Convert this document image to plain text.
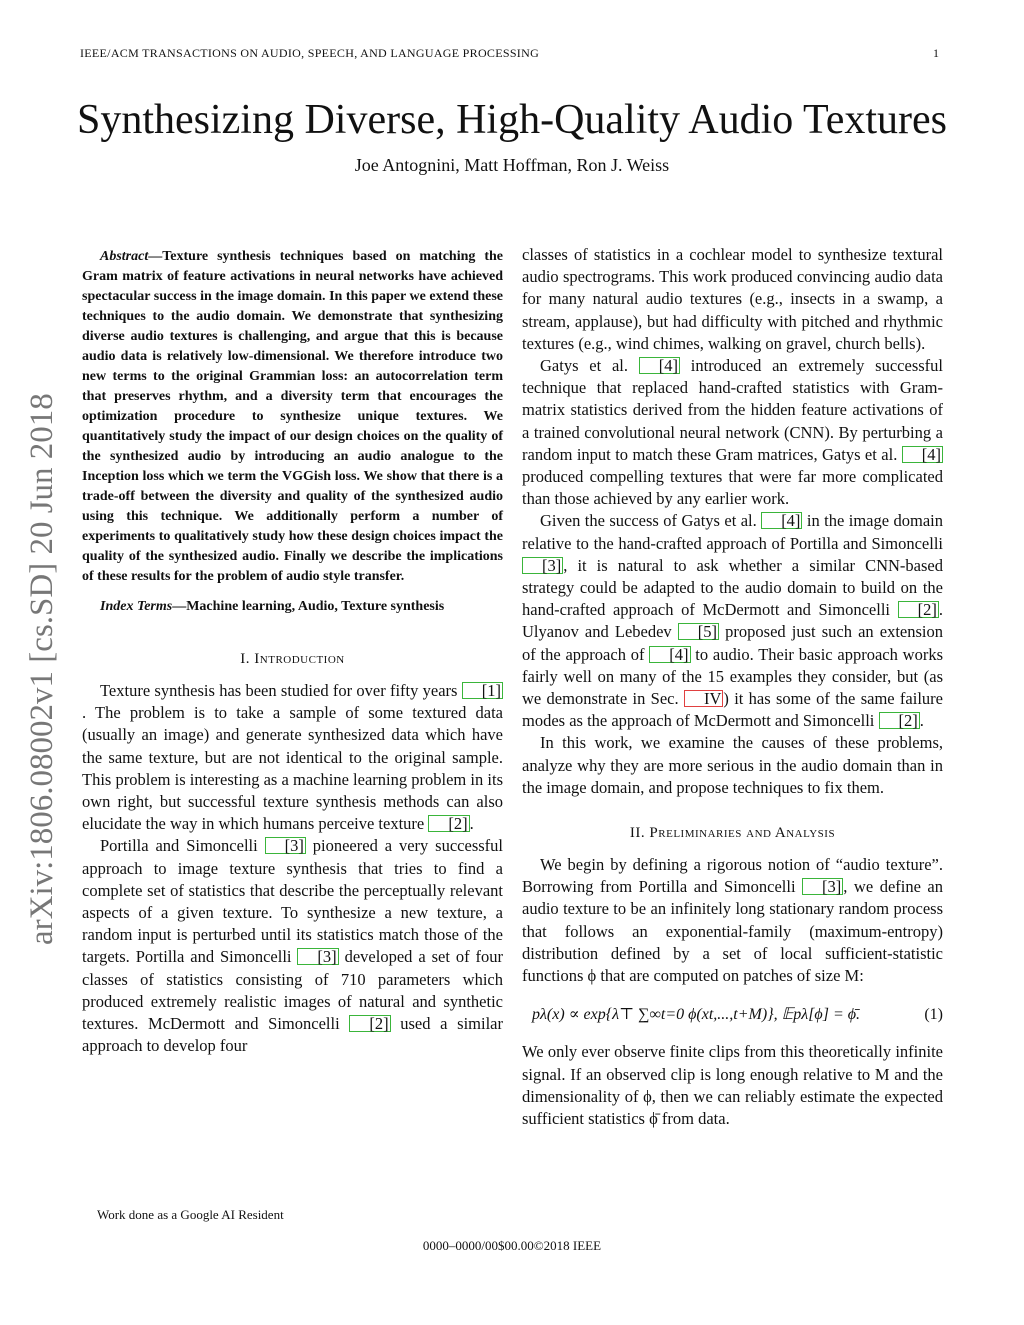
IEEE/ACM TRANSACTIONS ON AUDIO, SPEECH, AND LANGUAGE PROCESSING	1
Synthesizing Diverse, High-Quality Audio Textures
Joe Antognini, Matt Hoffman, Ron J. Weiss
arXiv:1806.08002v1 [cs.SD] 20 Jun 2018

Abstract—Texture synthesis techniques based on matching the Gram matrix of feature activations in neural networks have achieved spectacular success in the image domain. In this paper we extend these techniques to the audio domain. We demonstrate that synthesizing diverse audio textures is challenging, and argue that this is because audio data is relatively low-dimensional. We therefore introduce two new terms to the original Grammian loss: an autocorrelation term that preserves rhythm, and a diversity term that encourages the optimization procedure to synthesize unique textures. We quantitatively study the impact of our design choices on the quality of the synthesized audio by introducing an audio analogue to the Inception loss which we term the VGGish loss. We show that there is a trade-off between the diversity and quality of the synthesized audio using this technique. We additionally perform a number of experiments to qualitatively study how these design choices impact the quality of the synthesized audio. Finally we describe the implications of these results for the problem of audio style transfer.

Index Terms—Machine learning, Audio, Texture synthesis

I. Introduction

Texture synthesis has been studied for over fifty years [1]. The problem is to take a sample of some textured data (usually an image) and generate synthesized data which have the same texture, but are not identical to the original sample. This problem is interesting as a machine learning problem in its own right, but successful texture synthesis methods can also elucidate the way in which humans perceive texture [2] .

Portilla and Simoncelli [3] pioneered a very successful approach to image texture synthesis that tries to find a complete set of statistics that describe the perceptually relevant aspects of a given texture. To synthesize a new texture, a random input is perturbed until its statistics match those of the targets. Portilla and Simoncelli [3] developed a set of four classes of statistics consisting of 710 parameters which produced extremely realistic images of natural and synthetic textures. McDermott and Simoncelli [2] used a similar approach to develop four

classes of statistics in a cochlear model to synthesize textural audio spectrograms. This work produced convincing audio data for many natural audio textures (e.g., insects in a swamp, a stream, applause), but had difficulty with pitched and rhythmic textures (e.g., wind chimes, walking on gravel, church bells).

Gatys et al. [4] introduced an extremely successful technique that replaced hand-crafted statistics with Gram-matrix statistics derived from the hidden feature activations of a trained convolutional neural network (CNN). By perturbing a random input to match these Gram matrices, Gatys et al. [4] produced compelling textures that were far more complicated than those achieved by any earlier work.

Given the success of Gatys et al. [4] in the image domain relative to the hand-crafted approach of Portilla and Simoncelli [3] , it is natural to ask whether a similar CNN-based strategy could be adapted to the audio domain to build on the hand-crafted approach of McDermott and Simoncelli [2] . Ulyanov and Lebedev [5] proposed just such an extension of the approach of [4] to audio. Their basic approach works fairly well on many of the 15 examples they consider, but (as we demonstrate in Sec. IV ) it has some of the same failure modes as the approach of McDermott and Simoncelli [2] .

In this work, we examine the causes of these problems, analyze why they are more serious in the audio domain than in the image domain, and propose techniques to fix them.

II. Preliminaries and Analysis

We begin by defining a rigorous notion of “audio texture”. Borrowing from Portilla and Simoncelli [3] , we define an audio texture to be an infinitely long stationary random process that follows an exponential-family (maximum-entropy) distribution defined by a set of local sufficient-statistic functions ϕ that are computed on patches of size M:

pλ(x) ∝ exp{λ⊤ ∑∞t=0 ϕ(xt,...,t+M)}, 𝔼pλ[ϕ] = ϕ̄.	(1)

We only ever observe finite clips from this theoretically infinite signal. If an observed clip is long enough relative to M and the dimensionality of ϕ, then we can reliably estimate the expected sufficient statistics ϕ̄ from data.

Work done as a Google AI Resident
0000–0000/00$00.00©2018 IEEE
